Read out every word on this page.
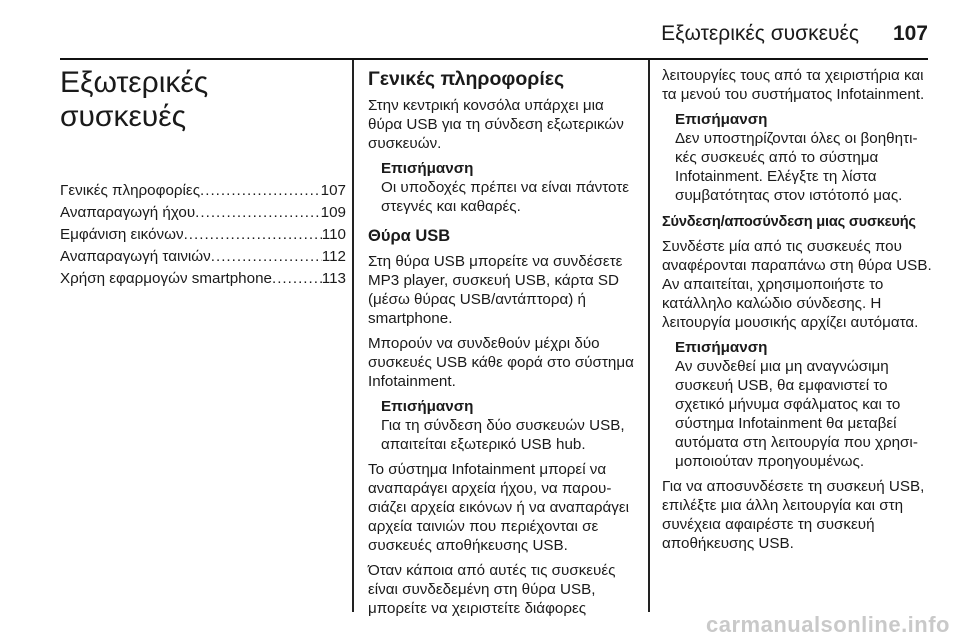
Εξωτερικές συσκευές 107
Εξωτερικές
συσκευές
Γενικές πληροφορίες .....	107
Αναπαραγωγή ήχου .....	109
Εμφάνιση εικόνων .....	110
Αναπαραγωγή ταινιών .....	112
Χρήση εφαρμογών smartphone .....	113
Γενικές πληροφορίες

Στην κεντρική κονσόλα υπάρχει μια θύρα USB για τη σύνδεση εξωτερικών συσκευών.

Επισήμανση
Οι υποδοχές πρέπει να είναι πάντοτε στεγνές και καθαρές.
Θύρα USB

Στη θύρα USB μπορείτε να συνδέσετε MP3 player, συσκευή USB, κάρτα SD (μέσω θύρας USB/αντάπτορα) ή smartphone.

Μπορούν να συνδεθούν μέχρι δύο συσκευές USB κάθε φορά στο σύστημα Infotainment.

Επισήμανση
Για τη σύνδεση δύο συσκευών USB, απαιτείται εξωτερικό USB hub.

Το σύστημα Infotainment μπορεί να αναπαράγει αρχεία ήχου, να παρουσιάζει αρχεία εικόνων ή να αναπαράγει αρχεία ταινιών που περιέχονται σε συσκευές αποθήκευσης USB.

Όταν κάποια από αυτές τις συσκευές είναι συνδεδεμένη στη θύρα USB, μπορείτε να χειριστείτε διάφορες

λειτουργίες τους από τα χειριστήρια και τα μενού του συστήματος Infotainment.

Επισήμανση
Δεν υποστηρίζονται όλες οι βοηθητικές συσκευές από το σύστημα Infotainment. Ελέγξτε τη λίστα συμβατότητας στον ιστότοπό μας.
Σύνδεση/αποσύνδεση μιας συσκευής

Συνδέστε μία από τις συσκευές που αναφέρονται παραπάνω στη θύρα USB. Αν απαιτείται, χρησιμοποιήστε το κατάλληλο καλώδιο σύνδεσης. Η λειτουργία μουσικής αρχίζει αυτόματα.

Επισήμανση
Αν συνδεθεί μια μη αναγνώσιμη συσκευή USB, θα εμφανιστεί το σχετικό μήνυμα σφάλματος και το σύστημα Infotainment θα μεταβεί αυτόματα στη λειτουργία που χρησιμοποιούταν προηγουμένως.

Για να αποσυνδέσετε τη συσκευή USB, επιλέξτε μια άλλη λειτουργία και στη συνέχεια αφαιρέστε τη συσκευή αποθήκευσης USB.

carmanualsonline.info
